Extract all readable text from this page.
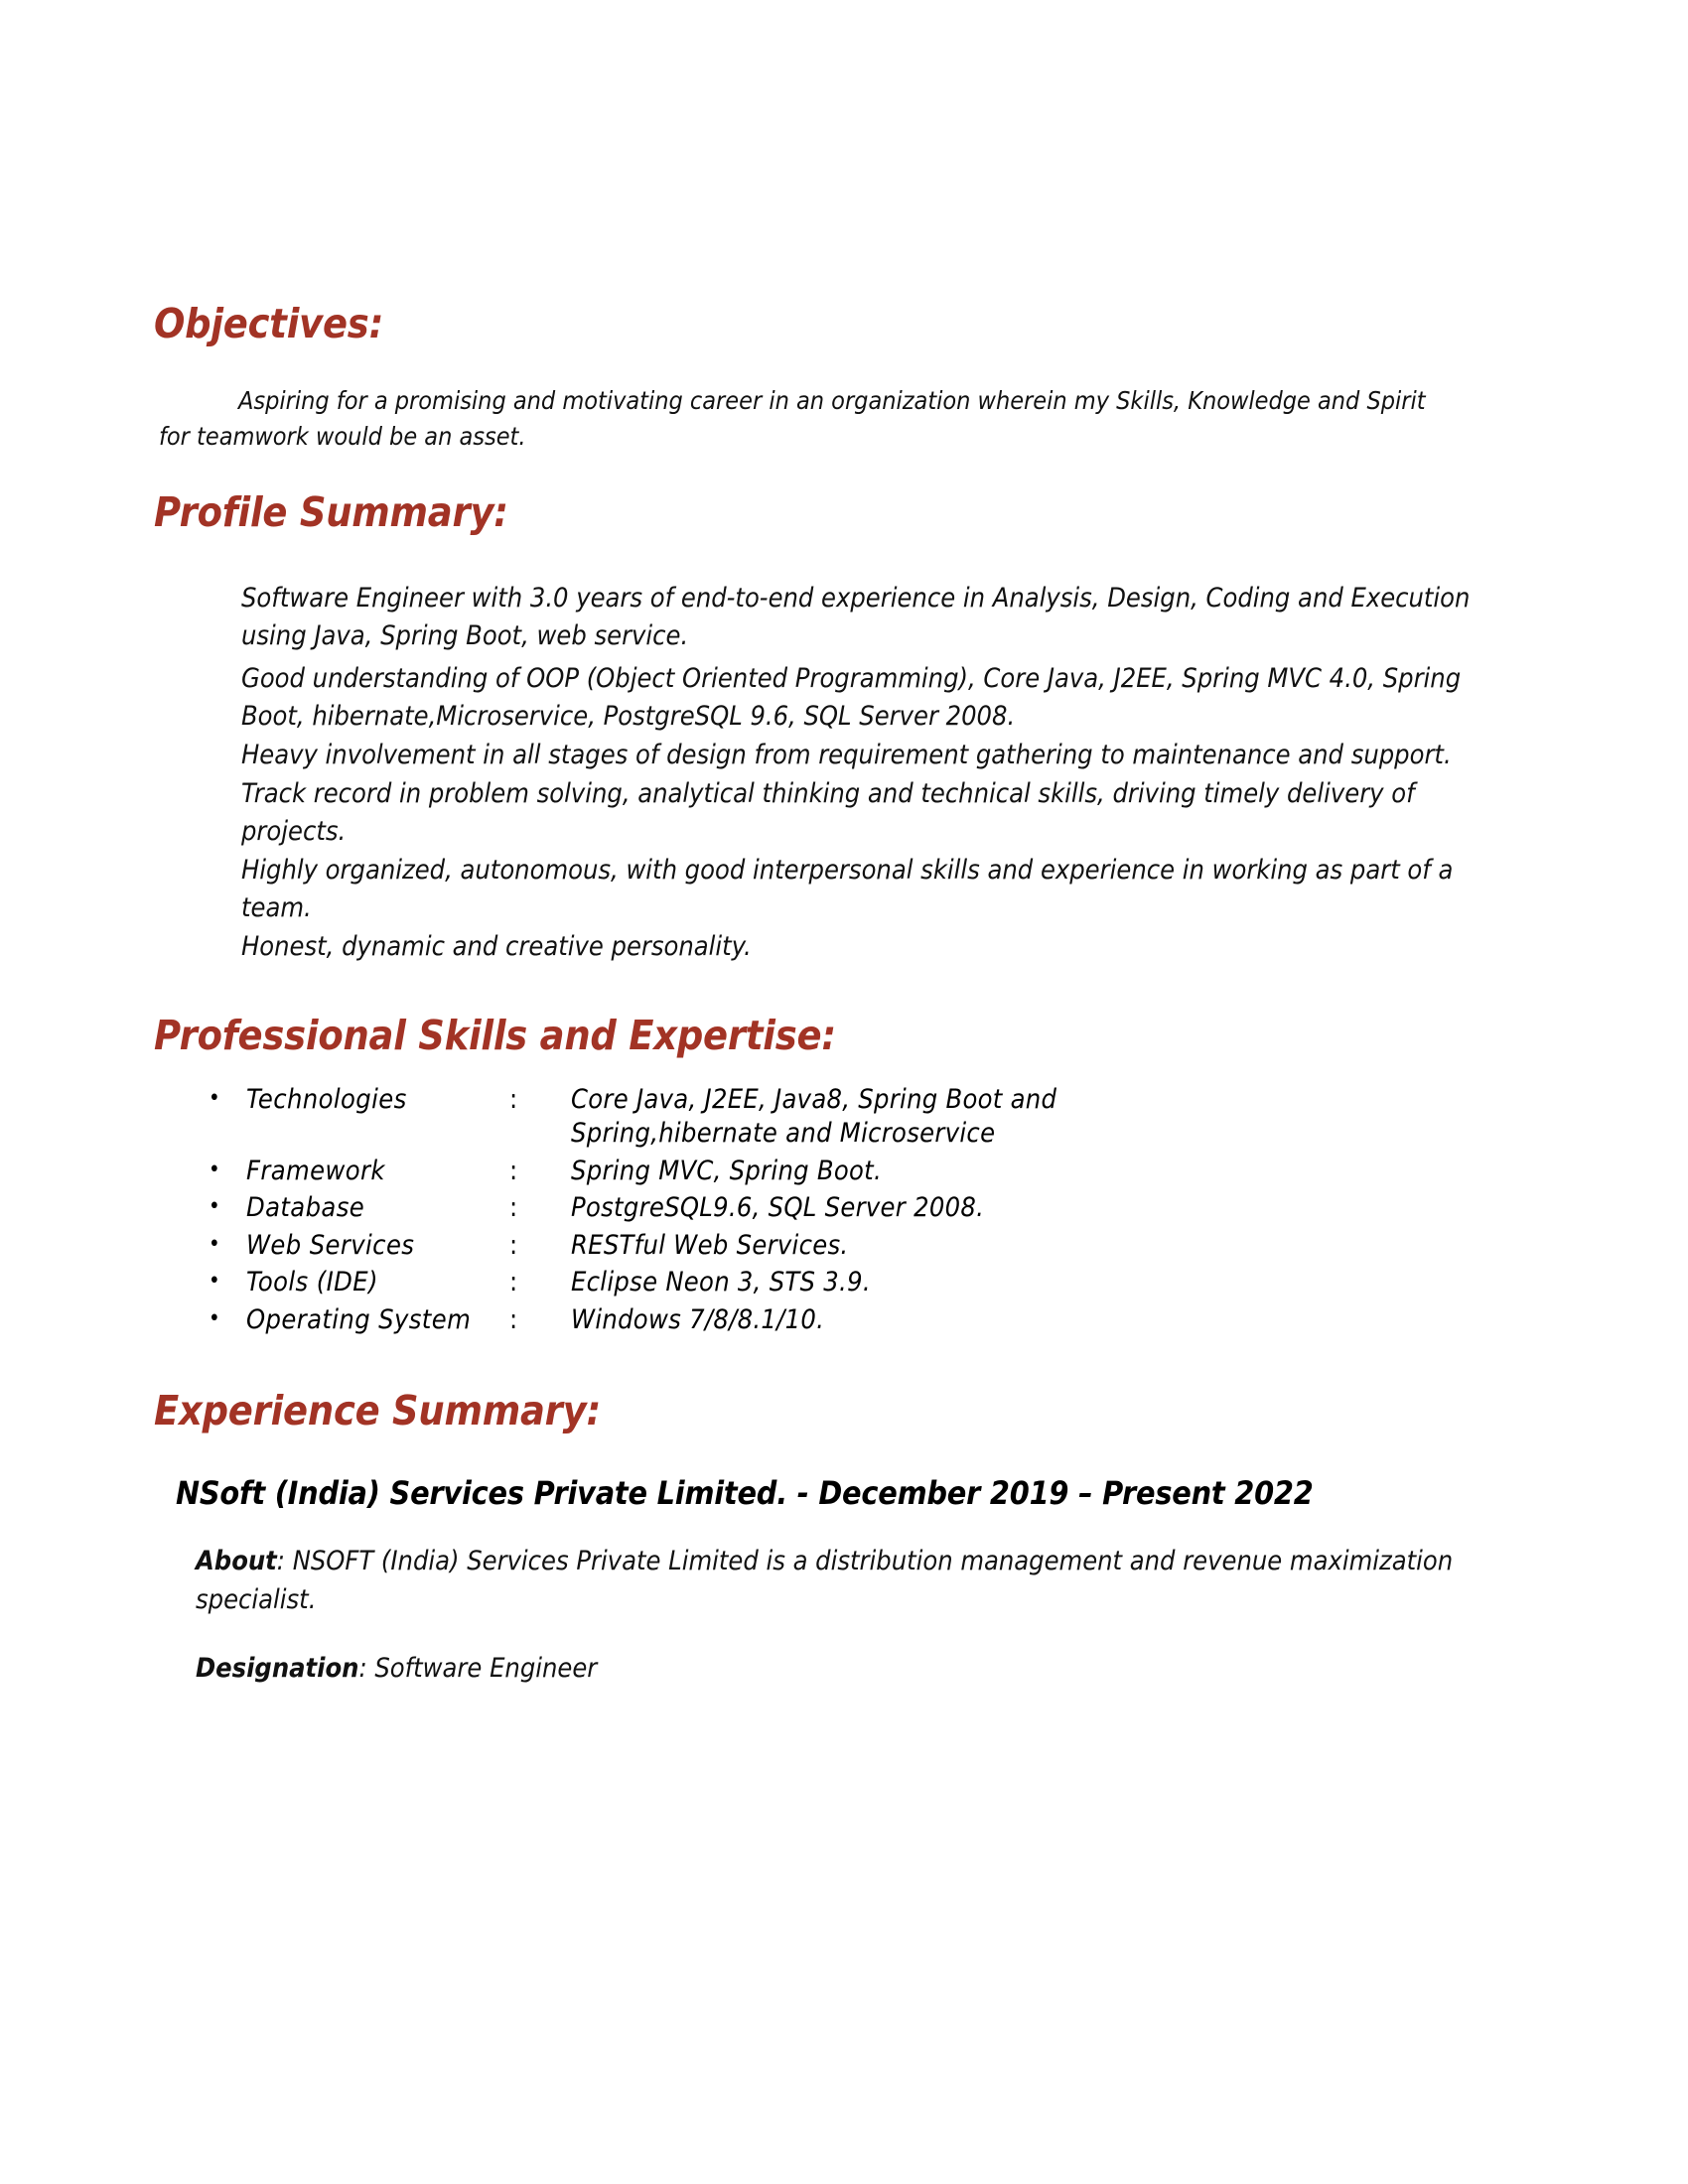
Objectives:

Aspiring for a promising and motivating career in an organization wherein my Skills, Knowledge and Spirit for teamwork would be an asset.

Profile Summary:

Software Engineer with 3.0 years of end-to-end experience in Analysis, Design, Coding and Execution using Java, Spring Boot, web service.

Good understanding of OOP (Object Oriented Programming), Core Java, J2EE, Spring MVC 4.0, Spring Boot, hibernate,Microservice, PostgreSQL 9.6, SQL Server 2008.

Heavy involvement in all stages of design from requirement gathering to maintenance and support.

Track record in problem solving, analytical thinking and technical skills, driving timely delivery of projects.

Highly organized, autonomous, with good interpersonal skills and experience in working as part of a team.

Honest, dynamic and creative personality.

Professional Skills and Expertise:
• Technologies	:	Core Java, J2EE, Java8, Spring Boot and
Spring,hibernate and Microservice
• Framework	:	Spring MVC, Spring Boot.
• Database	:	PostgreSQL9.6, SQL Server 2008.
• Web Services	:	RESTful Web Services.
• Tools (IDE)	:	Eclipse Neon 3, STS 3.9.
• Operating System	:	Windows 7/8/8.1/10.
Experience Summary:

NSoft (India) Services Private Limited. - December 2019 – Present 2022

About: NSOFT (India) Services Private Limited is a distribution management and revenue maximization specialist.

Designation: Software Engineer
